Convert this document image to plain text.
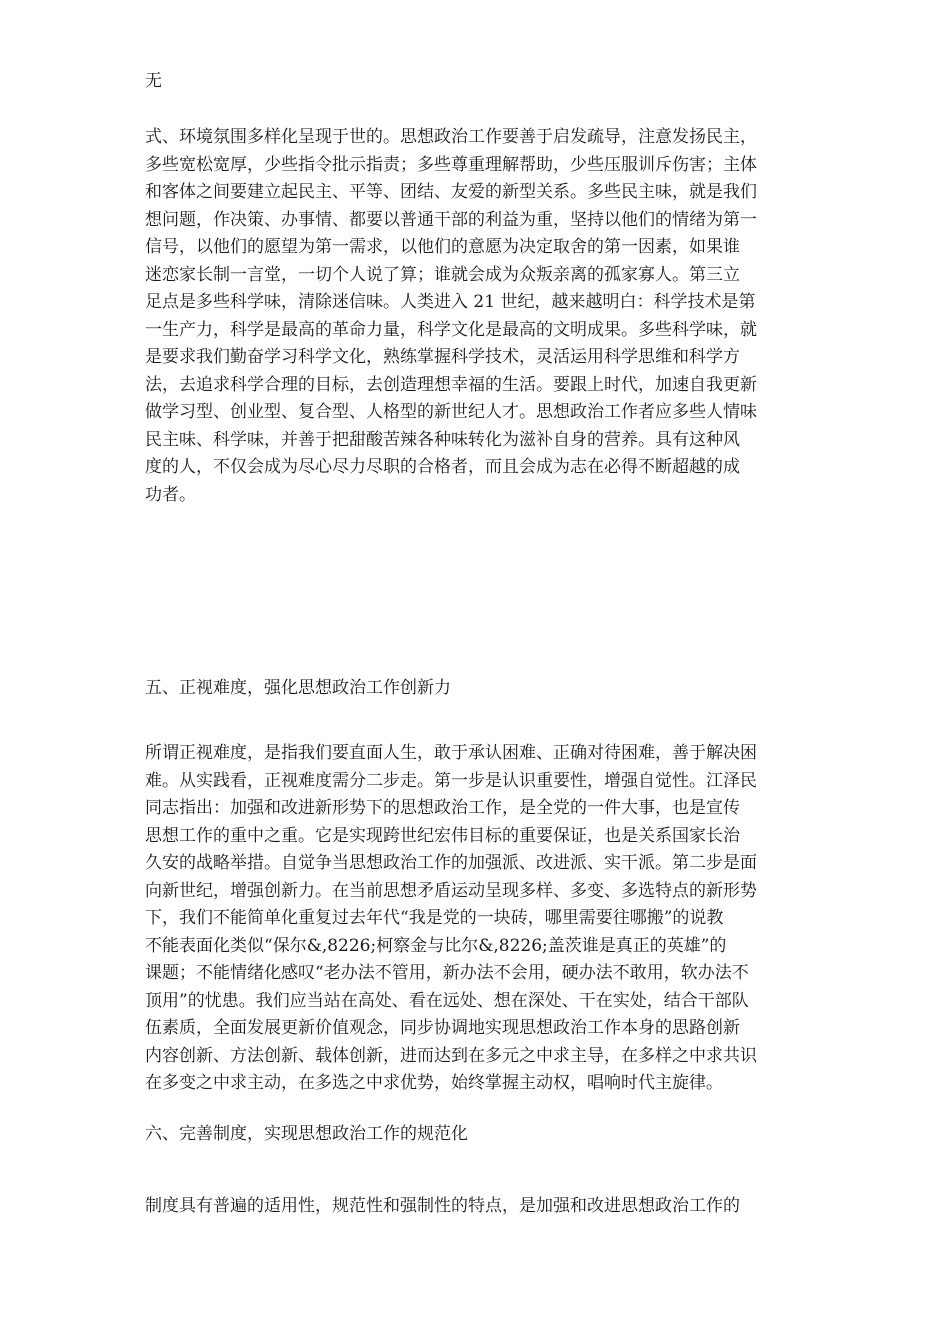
无

式、环境氛围多样化呈现于世的。思想政治工作要善于启发疏导，注意发扬民主，
多些宽松宽厚，少些指令批示指责；多些尊重理解帮助，少些压服训斥伤害；主体
和客体之间要建立起民主、平等、团结、友爱的新型关系。多些民主味，就是我们
想问题，作决策、办事情、都要以普通干部的利益为重，坚持以他们的情绪为第一
信号，以他们的愿望为第一需求，以他们的意愿为决定取舍的第一因素，如果谁
迷恋家长制一言堂，一切个人说了算；谁就会成为众叛亲离的孤家寡人。第三立
足点是多些科学味，清除迷信味。人类进入 21 世纪，越来越明白：科学技术是第
一生产力，科学是最高的革命力量，科学文化是最高的文明成果。多些科学味，就
是要求我们勤奋学习科学文化，熟练掌握科学技术，灵活运用科学思维和科学方
法，去追求科学合理的目标，去创造理想幸福的生活。要跟上时代，加速自我更新
做学习型、创业型、复合型、人格型的新世纪人才。思想政治工作者应多些人情味
民主味、科学味，并善于把甜酸苦辣各种味转化为滋补自身的营养。具有这种风
度的人，不仅会成为尽心尽力尽职的合格者，而且会成为志在必得不断超越的成
功者。

五、正视难度，强化思想政治工作创新力

所谓正视难度，是指我们要直面人生，敢于承认困难、正确对待困难，善于解决困
难。从实践看，正视难度需分二步走。第一步是认识重要性，增强自觉性。江泽民
同志指出：加强和改进新形势下的思想政治工作，是全党的一件大事，也是宣传
思想工作的重中之重。它是实现跨世纪宏伟目标的重要保证，也是关系国家长治
久安的战略举措。自觉争当思想政治工作的加强派、改进派、实干派。第二步是面
向新世纪，增强创新力。在当前思想矛盾运动呈现多样、多变、多选特点的新形势
下，我们不能简单化重复过去年代“我是党的一块砖，哪里需要往哪搬”的说教
不能表面化类似“保尔&,8226;柯察金与比尔&,8226;盖茨谁是真正的英雄”的
课题；不能情绪化感叹“老办法不管用，新办法不会用，硬办法不敢用，软办法不
顶用”的忧患。我们应当站在高处、看在远处、想在深处、干在实处，结合干部队
伍素质，全面发展更新价值观念，同步协调地实现思想政治工作本身的思路创新
内容创新、方法创新、载体创新，进而达到在多元之中求主导，在多样之中求共识
在多变之中求主动，在多选之中求优势，始终掌握主动权，唱响时代主旋律。

六、完善制度，实现思想政治工作的规范化

制度具有普遍的适用性，规范性和强制性的特点，是加强和改进思想政治工作的
